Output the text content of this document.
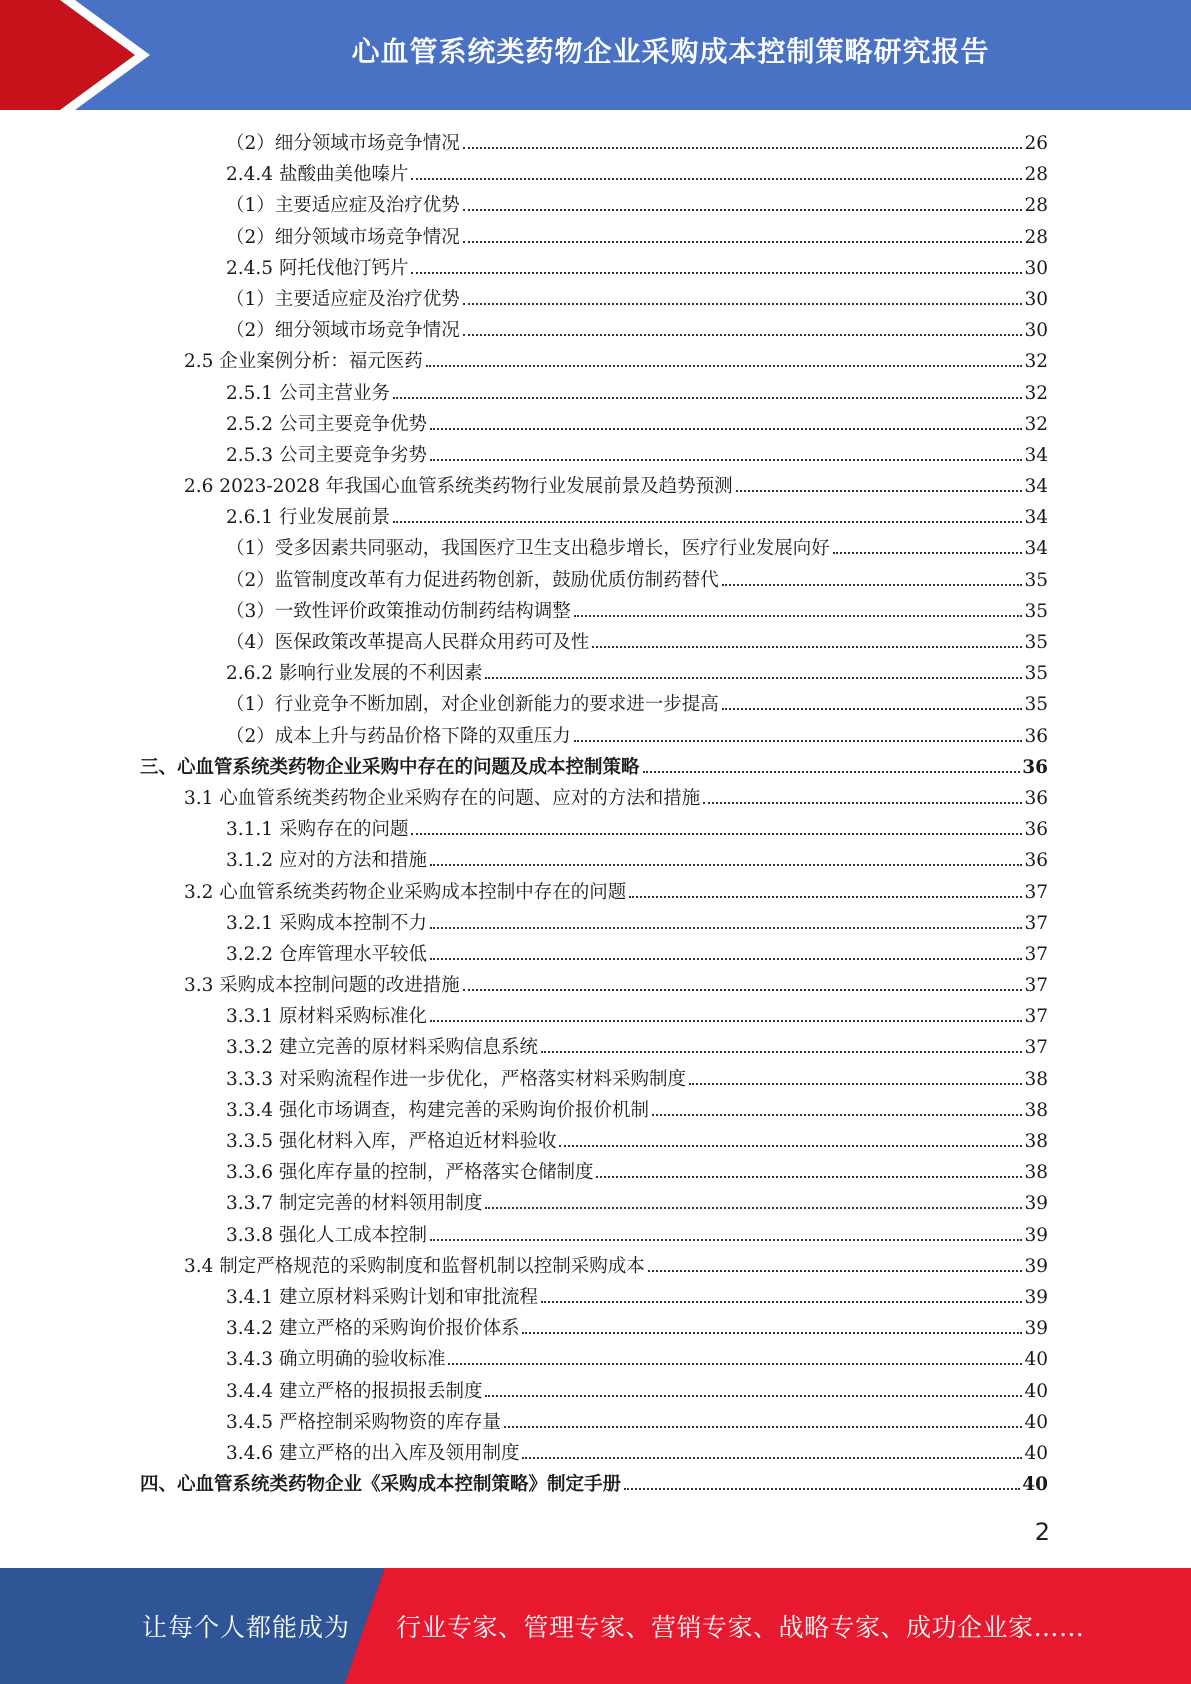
心血管系统类药物企业采购成本控制策略研究报告
（2）细分领域市场竞争情况	26
2.4.4 盐酸曲美他嗪片	28
（1）主要适应症及治疗优势	28
（2）细分领域市场竞争情况	28
2.4.5 阿托伐他汀钙片	30
（1）主要适应症及治疗优势	30
（2）细分领域市场竞争情况	30
2.5 企业案例分析：福元医药	32
2.5.1 公司主营业务	32
2.5.2 公司主要竞争优势	32
2.5.3 公司主要竞争劣势	34
2.6 2023-2028 年我国心血管系统类药物行业发展前景及趋势预测	34
2.6.1 行业发展前景	34
（1）受多因素共同驱动，我国医疗卫生支出稳步增长，医疗行业发展向好	34
（2）监管制度改革有力促进药物创新，鼓励优质仿制药替代	35
（3）一致性评价政策推动仿制药结构调整	35
（4）医保政策改革提高人民群众用药可及性	35
2.6.2 影响行业发展的不利因素	35
（1）行业竞争不断加剧，对企业创新能力的要求进一步提高	35
（2）成本上升与药品价格下降的双重压力	36
三、心血管系统类药物企业采购中存在的问题及成本控制策略	36
3.1 心血管系统类药物企业采购存在的问题、应对的方法和措施	36
3.1.1 采购存在的问题	36
3.1.2 应对的方法和措施	36
3.2 心血管系统类药物企业采购成本控制中存在的问题	37
3.2.1 采购成本控制不力	37
3.2.2 仓库管理水平较低	37
3.3 采购成本控制问题的改进措施	37
3.3.1 原材料采购标准化	37
3.3.2 建立完善的原材料采购信息系统	37
3.3.3 对采购流程作进一步优化，严格落实材料采购制度	38
3.3.4 强化市场调查，构建完善的采购询价报价机制	38
3.3.5 强化材料入库，严格迫近材料验收	38
3.3.6 强化库存量的控制，严格落实仓储制度	38
3.3.7 制定完善的材料领用制度	39
3.3.8 强化人工成本控制	39
3.4 制定严格规范的采购制度和监督机制以控制采购成本	39
3.4.1 建立原材料采购计划和审批流程	39
3.4.2 建立严格的采购询价报价体系	39
3.4.3 确立明确的验收标准	40
3.4.4 建立严格的报损报丢制度	40
3.4.5 严格控制采购物资的库存量	40
3.4.6 建立严格的出入库及领用制度	40
四、心血管系统类药物企业《采购成本控制策略》制定手册	40
2
让每个人都能成为 行业专家、管理专家、营销专家、战略专家、成功企业家……
